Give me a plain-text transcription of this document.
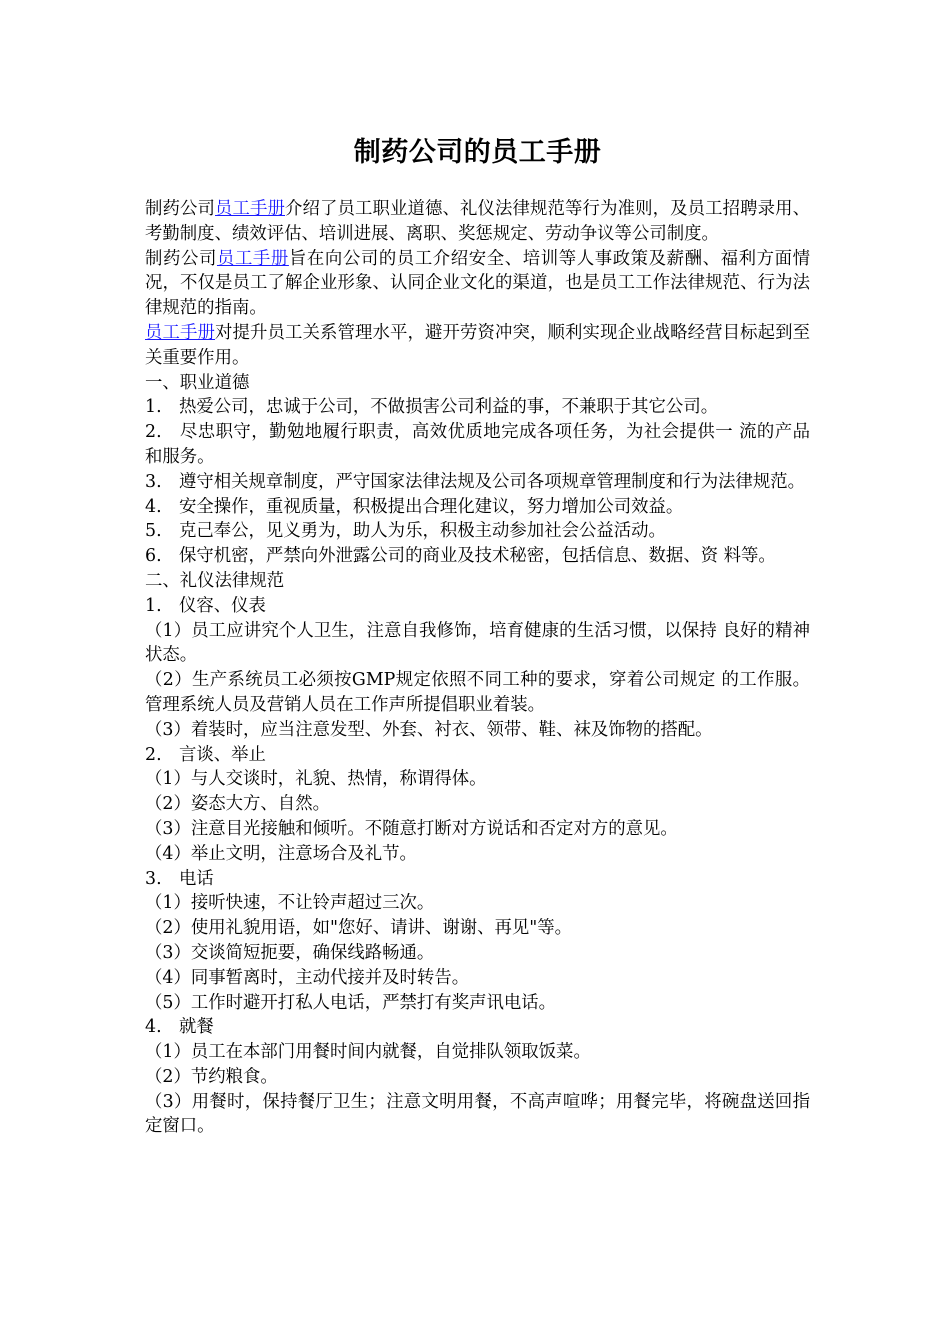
制药公司的员工手册

制药公司员工手册介绍了员工职业道德、礼仪法律规范等行为准则，及员工招聘录用、考勤制度、绩效评估、培训进展、离职、奖惩规定、劳动争议等公司制度。

制药公司员工手册旨在向公司的员工介绍安全、培训等人事政策及薪酬、福利方面情况，不仅是员工了解企业形象、认同企业文化的渠道，也是员工工作法律规范、行为法律规范的指南。

员工手册对提升员工关系管理水平，避开劳资冲突，顺利实现企业战略经营目标起到至关重要作用。

一、职业道德

1.　热爱公司，忠诚于公司，不做损害公司利益的事，不兼职于其它公司。

2.　尽忠职守，勤勉地履行职责，高效优质地完成各项任务，为社会提供一 流的产品和服务。

3.　遵守相关规章制度，严守国家法律法规及公司各项规章管理制度和行为法律规范。

4.　安全操作，重视质量，积极提出合理化建议，努力增加公司效益。

5.　克己奉公，见义勇为，助人为乐，积极主动参加社会公益活动。

6.　保守机密，严禁向外泄露公司的商业及技术秘密，包括信息、数据、资 料等。

二、礼仪法律规范

1.　仪容、仪表

（1）员工应讲究个人卫生，注意自我修饰，培育健康的生活习惯，以保持 良好的精神状态。

（2）生产系统员工必须按GMP规定依照不同工种的要求，穿着公司规定 的工作服。管理系统人员及营销人员在工作声所提倡职业着装。

（3）着装时，应当注意发型、外套、衬衣、领带、鞋、袜及饰物的搭配。

2.　言谈、举止

（1）与人交谈时，礼貌、热情，称谓得体。

（2）姿态大方、自然。

（3）注意目光接触和倾听。不随意打断对方说话和否定对方的意见。

（4）举止文明，注意场合及礼节。

3.　电话

（1）接听快速，不让铃声超过三次。

（2）使用礼貌用语，如"您好、请讲、谢谢、再见"等。

（3）交谈简短扼要，确保线路畅通。

（4）同事暂离时，主动代接并及时转告。

（5）工作时避开打私人电话，严禁打有奖声讯电话。

4.　就餐

（1）员工在本部门用餐时间内就餐，自觉排队领取饭菜。

（2）节约粮食。

（3）用餐时，保持餐厅卫生；注意文明用餐，不高声喧哗；用餐完毕，将碗盘送回指定窗口。
